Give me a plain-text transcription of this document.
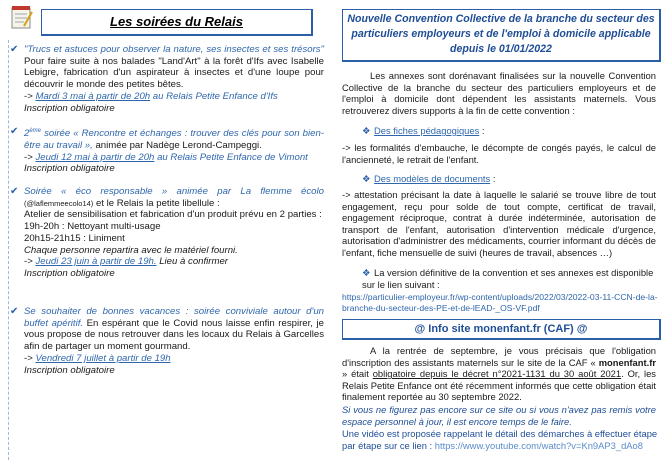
Les soirées du Relais
✔ "Trucs et astuces pour observer la nature, ses insectes et ses trésors" Pour faire suite à nos balades "Land'Art" à la forêt d'Ifs avec Isabelle Lebigre, fabrication d'un aspirateur à insectes et d'une loupe pour découvrir le monde des petites bêtes.
-> Mardi 3 mai à partir de 20h au Relais Petite Enfance d'Ifs
Inscription obligatoire
✔ 2ème soirée « Rencontre et échanges : trouver des clés pour son bien-être au travail », animée par Nadège Lerond-Campeggi.
-> Jeudi 12 mai à partir de 20h au Relais Petite Enfance de Vimont
Inscription obligatoire
✔ Soirée « éco responsable » animée par La flemme écolo (@laflemmeecolo14) et le Relais la petite libellule :
Atelier de sensibilisation et fabrication d'un produit prévu en 2 parties :
19h-20h : Nettoyant multi-usage
20h15-21h15 : Liniment
Chaque personne repartira avec le matériel fourni.
-> Jeudi 23 juin à partir de 19h. Lieu à confirmer
Inscription obligatoire
✔ Se souhaiter de bonnes vacances : soirée conviviale autour d'un buffet apéritif. En espérant que le Covid nous laisse enfin respirer, je vous propose de nous retrouver dans les locaux du Relais à Garcelles afin de partager un moment gourmand.
-> Vendredi 7 juillet à partir de 19h
Inscription obligatoire
Nouvelle Convention Collective de la branche du secteur des particuliers employeurs et de l'emploi à domicile applicable depuis le 01/01/2022
Les annexes sont dorénavant finalisées sur la nouvelle Convention Collective de la branche du secteur des particuliers employeurs et de l'emploi à domicile dont dépendent les assistants maternels. Vous retrouverez divers supports à la fin de cette convention :
❖ Des fiches pédagogiques :
-> les formalités d'embauche, le décompte de congés payés, le calcul de l'ancienneté, le retrait de l'enfant.
❖ Des modèles de documents :
-> attestation précisant la date à laquelle le salarié se trouve libre de tout engagement, reçu pour solde de tout compte, certificat de travail, engagement réciproque, contrat à durée indéterminée, autorisation de transport de l'enfant, autorisation d'intervention médicale d'urgence, autorisation d'administrer des médicaments, courrier informant du décès de l'enfant, fiche mensuelle de suivi (heures de travail, absences …)
❖ La version définitive de la convention et ses annexes est disponible sur le lien suivant :
https://particulier-employeur.fr/wp-content/uploads/2022/03/2022-03-11-CCN-de-la-branche-du-secteur-des-PE-et-de-lEAD-_OS-VF.pdf
@ Info site monenfant.fr (CAF) @
A la rentrée de septembre, je vous précisais que l'obligation d'inscription des assistants maternels sur le site de la CAF « monenfant.fr » était obligatoire depuis le décret n°2021-1131 du 30 août 2021. Or, les Relais Petite Enfance ont été récemment informés que cette obligation était finalement reportée au 30 septembre 2022.
Si vous ne figurez pas encore sur ce site ou si vous n'avez pas remis votre espace personnel à jour, il est encore temps de le faire.
Une vidéo est proposée rappelant le détail des démarches à effectuer étape par étape sur ce lien : https://www.youtube.com/watch?v=Kn9AP3_dAo8
